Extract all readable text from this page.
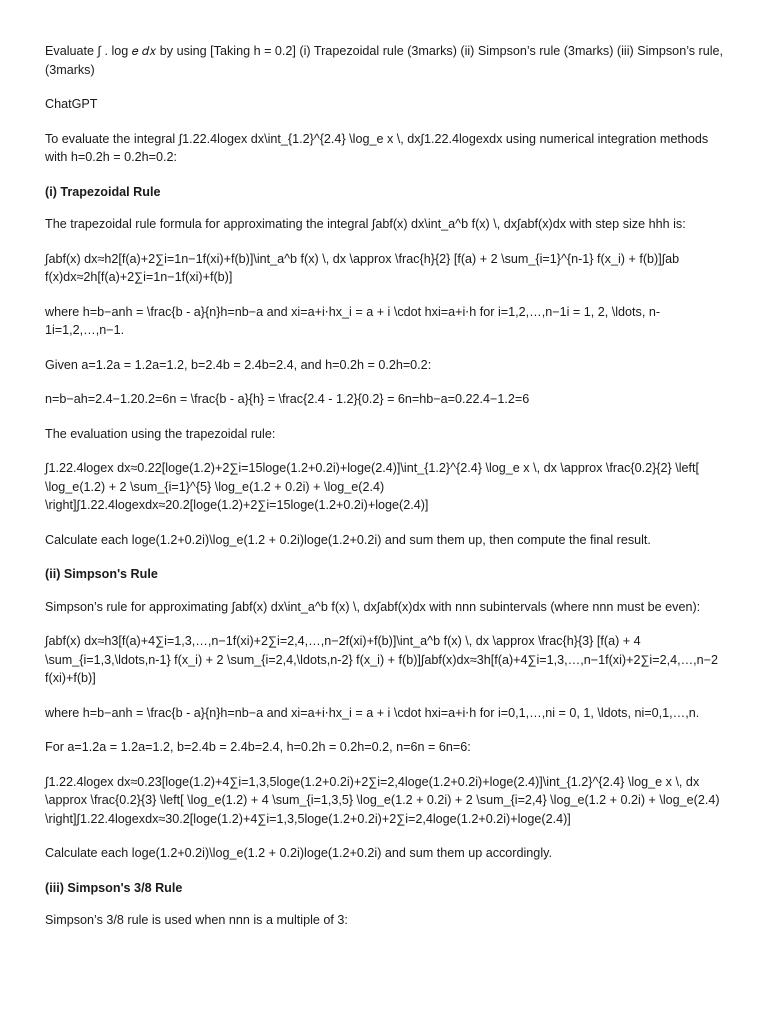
Evaluate ∫ . log 𝑒 𝑑𝑥 by using [Taking h = 0.2] (i) Trapezoidal rule (3marks) (ii) Simpson’s rule (3marks) (iii) Simpson’s rule, (3marks)

ChatGPT

To evaluate the integral ∫1.22.4logex dx\int_{1.2}^{2.4} \log_e x \, dx∫1.22.4logexdx using numerical integration methods with h=0.2h = 0.2h=0.2:

(i) Trapezoidal Rule

The trapezoidal rule formula for approximating the integral ∫abf(x) dx\int_a^b f(x) \, dx∫abf(x)dx with step size hhh is:

∫abf(x) dx≈h2[f(a)+2∑i=1n−1f(xi)+f(b)]\int_a^b f(x) \, dx \approx \frac{h}{2} [f(a) + 2 \sum_{i=1}^{n-1} f(x_i) + f(b)]∫ab f(x)dx≈2h[f(a)+2∑i=1n−1f(xi)+f(b)]

where h=b−anh = \frac{b - a}{n}h=nb−a and xi=a+i⋅hx_i = a + i \cdot hxi=a+i⋅h for i=1,2,…,n−1i = 1, 2, \ldots, n-1i=1,2,…,n−1.

Given a=1.2a = 1.2a=1.2, b=2.4b = 2.4b=2.4, and h=0.2h = 0.2h=0.2:

n=b−ah=2.4−1.20.2=6n = \frac{b - a}{h} = \frac{2.4 - 1.2}{0.2} = 6n=hb−a=0.22.4−1.2=6

The evaluation using the trapezoidal rule:

∫1.22.4logex dx≈0.22[loge(1.2)+2∑i=15loge(1.2+0.2i)+loge(2.4)]\int_{1.2}^{2.4} \log_e x \, dx \approx \frac{0.2}{2} \left[ \log_e(1.2) + 2 \sum_{i=1}^{5} \log_e(1.2 + 0.2i) + \log_e(2.4) \right]∫1.22.4logexdx≈20.2[loge(1.2)+2∑i=15loge(1.2+0.2i)+loge(2.4)]

Calculate each loge(1.2+0.2i)\log_e(1.2 + 0.2i)loge(1.2+0.2i) and sum them up, then compute the final result.

(ii) Simpson's Rule

Simpson’s rule for approximating ∫abf(x) dx\int_a^b f(x) \, dx∫abf(x)dx with nnn subintervals (where nnn must be even):

∫abf(x) dx≈h3[f(a)+4∑i=1,3,…,n−1f(xi)+2∑i=2,4,…,n−2f(xi)+f(b)]\int_a^b f(x) \, dx \approx \frac{h}{3} [f(a) + 4 \sum_{i=1,3,\ldots,n-1} f(x_i) + 2 \sum_{i=2,4,\ldots,n-2} f(x_i) + f(b)]∫abf(x)dx≈3h[f(a)+4∑i=1,3,…,n−1f(xi)+2∑i=2,4,…,n−2 f(xi)+f(b)]

where h=b−anh = \frac{b - a}{n}h=nb−a and xi=a+i⋅hx_i = a + i \cdot hxi=a+i⋅h for i=0,1,…,ni = 0, 1, \ldots, ni=0,1,…,n.

For a=1.2a = 1.2a=1.2, b=2.4b = 2.4b=2.4, h=0.2h = 0.2h=0.2, n=6n = 6n=6:

∫1.22.4logex dx≈0.23[loge(1.2)+4∑i=1,3,5loge(1.2+0.2i)+2∑i=2,4loge(1.2+0.2i)+loge(2.4)]\int_{1.2}^{2.4} \log_e x \, dx \approx \frac{0.2}{3} \left[ \log_e(1.2) + 4 \sum_{i=1,3,5} \log_e(1.2 + 0.2i) + 2 \sum_{i=2,4} \log_e(1.2 + 0.2i) + \log_e(2.4) \right]∫1.22.4logexdx≈30.2[loge(1.2)+4∑i=1,3,5loge(1.2+0.2i)+2∑i=2,4loge(1.2+0.2i)+loge(2.4)]

Calculate each loge(1.2+0.2i)\log_e(1.2 + 0.2i)loge(1.2+0.2i) and sum them up accordingly.

(iii) Simpson's 3/8 Rule

Simpson’s 3/8 rule is used when nnn is a multiple of 3:
